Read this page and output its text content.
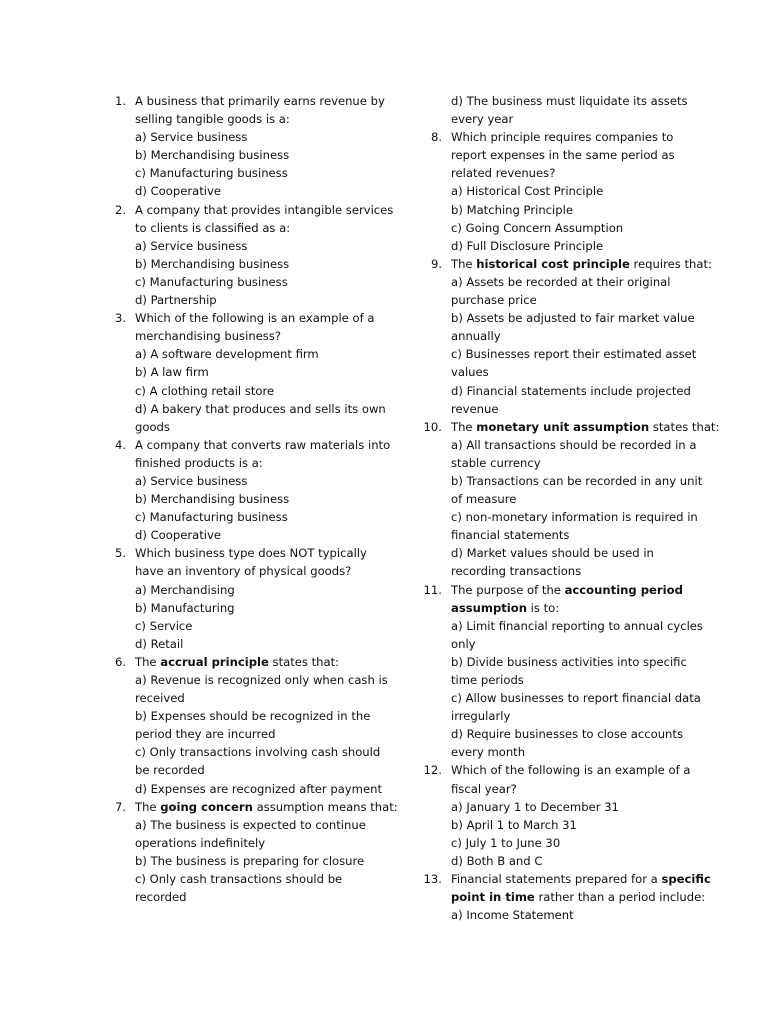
1. A business that primarily earns revenue by
selling tangible goods is a:
a) Service business
b) Merchandising business
c) Manufacturing business
d) Cooperative
2. A company that provides intangible services
to clients is classified as a:
a) Service business
b) Merchandising business
c) Manufacturing business
d) Partnership
3. Which of the following is an example of a
merchandising business?
a) A software development firm
b) A law firm
c) A clothing retail store
d) A bakery that produces and sells its own
goods
4. A company that converts raw materials into
finished products is a:
a) Service business
b) Merchandising business
c) Manufacturing business
d) Cooperative
5. Which business type does NOT typically
have an inventory of physical goods?
a) Merchandising
b) Manufacturing
c) Service
d) Retail
6. The accrual principle states that:
a) Revenue is recognized only when cash is
received
b) Expenses should be recognized in the
period they are incurred
c) Only transactions involving cash should
be recorded
d) Expenses are recognized after payment
7. The going concern assumption means that:
a) The business is expected to continue
operations indefinitely
b) The business is preparing for closure
c) Only cash transactions should be
recorded
d) The business must liquidate its assets
every year
8. Which principle requires companies to
report expenses in the same period as
related revenues?
a) Historical Cost Principle
b) Matching Principle
c) Going Concern Assumption
d) Full Disclosure Principle
9. The historical cost principle requires that:
a) Assets be recorded at their original
purchase price
b) Assets be adjusted to fair market value
annually
c) Businesses report their estimated asset
values
d) Financial statements include projected
revenue
10. The monetary unit assumption states that:
a) All transactions should be recorded in a
stable currency
b) Transactions can be recorded in any unit
of measure
c) non-monetary information is required in
financial statements
d) Market values should be used in
recording transactions
11. The purpose of the accounting period
assumption is to:
a) Limit financial reporting to annual cycles
only
b) Divide business activities into specific
time periods
c) Allow businesses to report financial data
irregularly
d) Require businesses to close accounts
every month
12. Which of the following is an example of a
fiscal year?
a) January 1 to December 31
b) April 1 to March 31
c) July 1 to June 30
d) Both B and C
13. Financial statements prepared for a specific
point in time rather than a period include:
a) Income Statement
